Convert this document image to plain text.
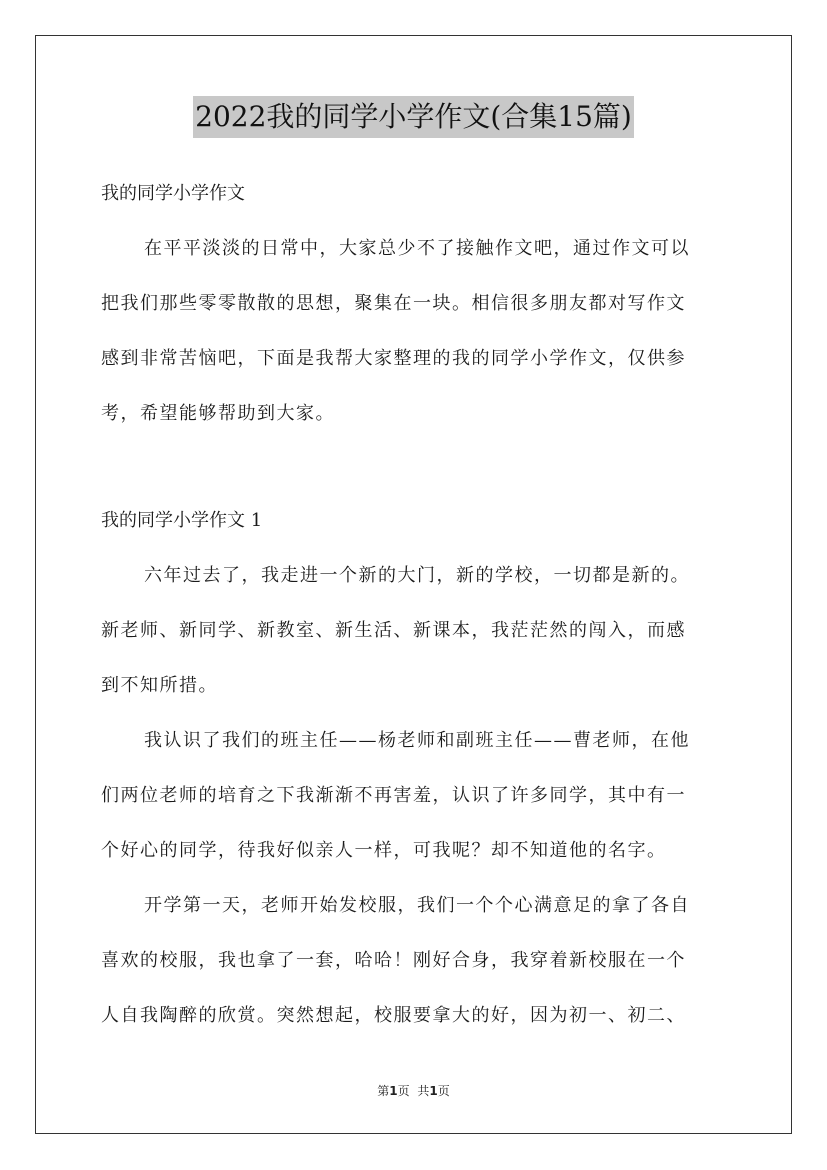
2022我的同学小学作文(合集15篇)
我的同学小学作文
在平平淡淡的日常中，大家总少不了接触作文吧，通过作文可以
把我们那些零零散散的思想，聚集在一块。相信很多朋友都对写作文
感到非常苦恼吧，下面是我帮大家整理的我的同学小学作文，仅供参
考，希望能够帮助到大家。
我的同学小学作文 1
六年过去了，我走进一个新的大门，新的学校，一切都是新的。
新老师、新同学、新教室、新生活、新课本，我茫茫然的闯入，而感
到不知所措。
我认识了我们的班主任——杨老师和副班主任——曹老师，在他
们两位老师的培育之下我渐渐不再害羞，认识了许多同学，其中有一
个好心的同学，待我好似亲人一样，可我呢？却不知道他的名字。
开学第一天，老师开始发校服，我们一个个心满意足的拿了各自
喜欢的校服，我也拿了一套，哈哈！刚好合身，我穿着新校服在一个
人自我陶醉的欣赏。突然想起，校服要拿大的好，因为初一、初二、
第1页 共1页
